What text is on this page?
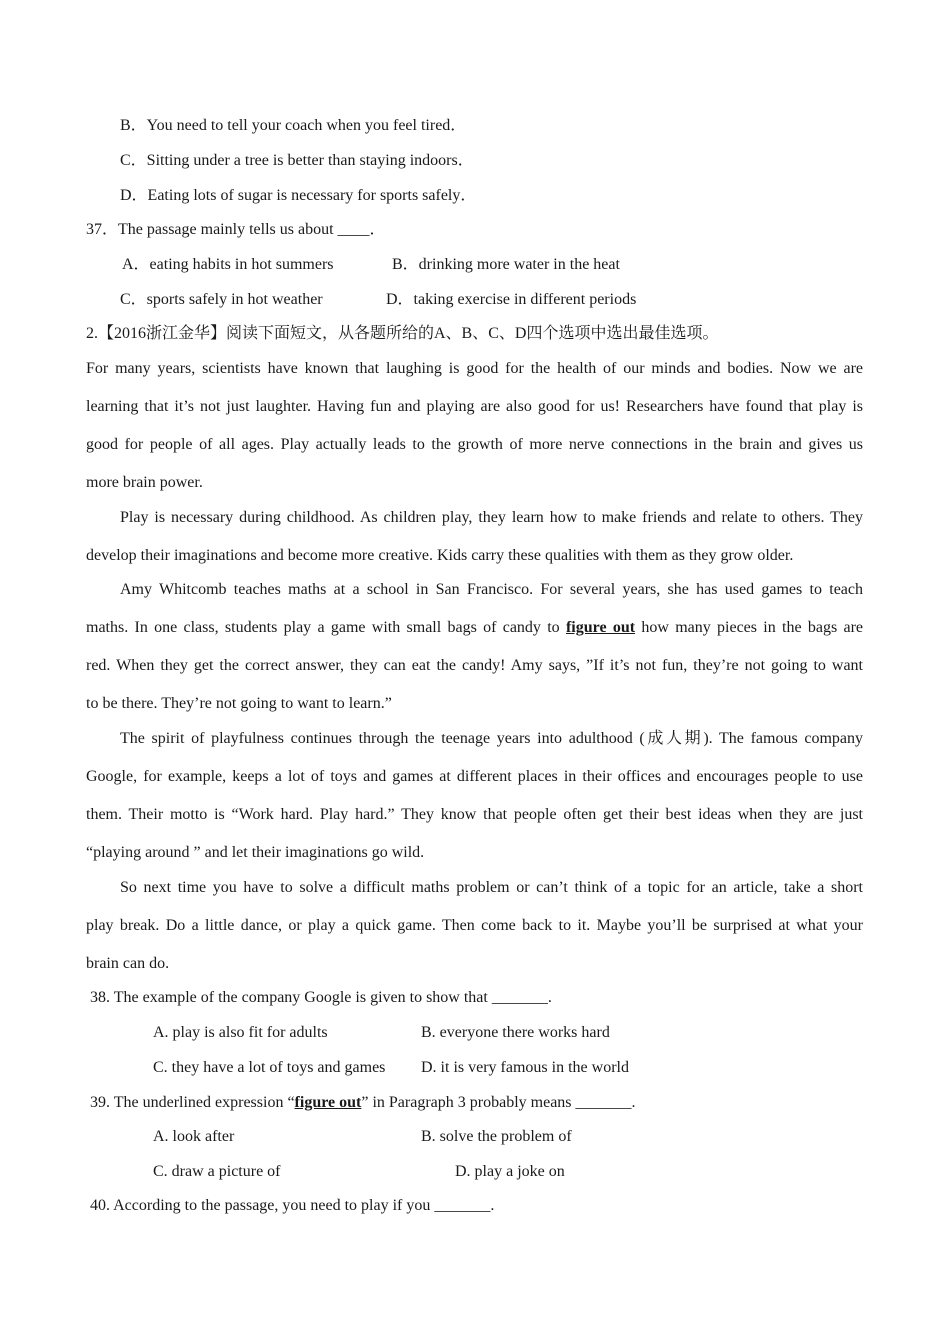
B．You need to tell your coach when you feel tired．
C．Sitting under a tree is better than staying indoors．
D．Eating lots of sugar is necessary for sports safely．
37．The passage mainly tells us about ____．
A．eating habits in hot summers	B．drinking more water in the heat
C．sports safely in hot weather	D．taking exercise in different periods
2.【2016浙江金华】阅读下面短文，从各题所给的A、B、C、D四个选项中选出最佳选项。
For many years, scientists have known that laughing is good for the health of our minds and bodies. Now we are
learning that it’s not just laughter. Having fun and playing are also good for us! Researchers have found that play is
good for people of all ages. Play actually leads to the growth of more nerve connections in the brain and gives us
more brain power.
Play is necessary during childhood. As children play, they learn how to make friends and relate to others. They
develop their imaginations and become more creative. Kids carry these qualities with them as they grow older.
Amy Whitcomb teaches maths at a school in San Francisco. For several years, she has used games to teach
maths. In one class, students play a game with small bags of candy to figure out how many pieces in the bags are
red. When they get the correct answer, they can eat the candy! Amy says, ”If it’s not fun, they’re not going to want
to be there. They’re not going to want to learn.”
The spirit of playfulness continues through the teenage years into adulthood (成人期). The famous company
Google, for example, keeps a lot of toys and games at different places in their offices and encourages people to use
them. Their motto is “Work hard. Play hard.” They know that people often get their best ideas when they are just
“playing around ” and let their imaginations go wild.
So next time you have to solve a difficult maths problem or can’t think of a topic for an article, take a short
play break. Do a little dance, or play a quick game. Then come back to it. Maybe you’ll be surprised at what your
brain can do.
38. The example of the company Google is given to show that _______.
A. play is also fit for adults	B. everyone there works hard
C. they have a lot of toys and games D. it is very famous in the world
39. The underlined expression “figure out” in Paragraph 3 probably means _______.
A. look after	B. solve the problem of
C. draw a picture of	D. play a joke on
40. According to the passage, you need to play if you _______.
